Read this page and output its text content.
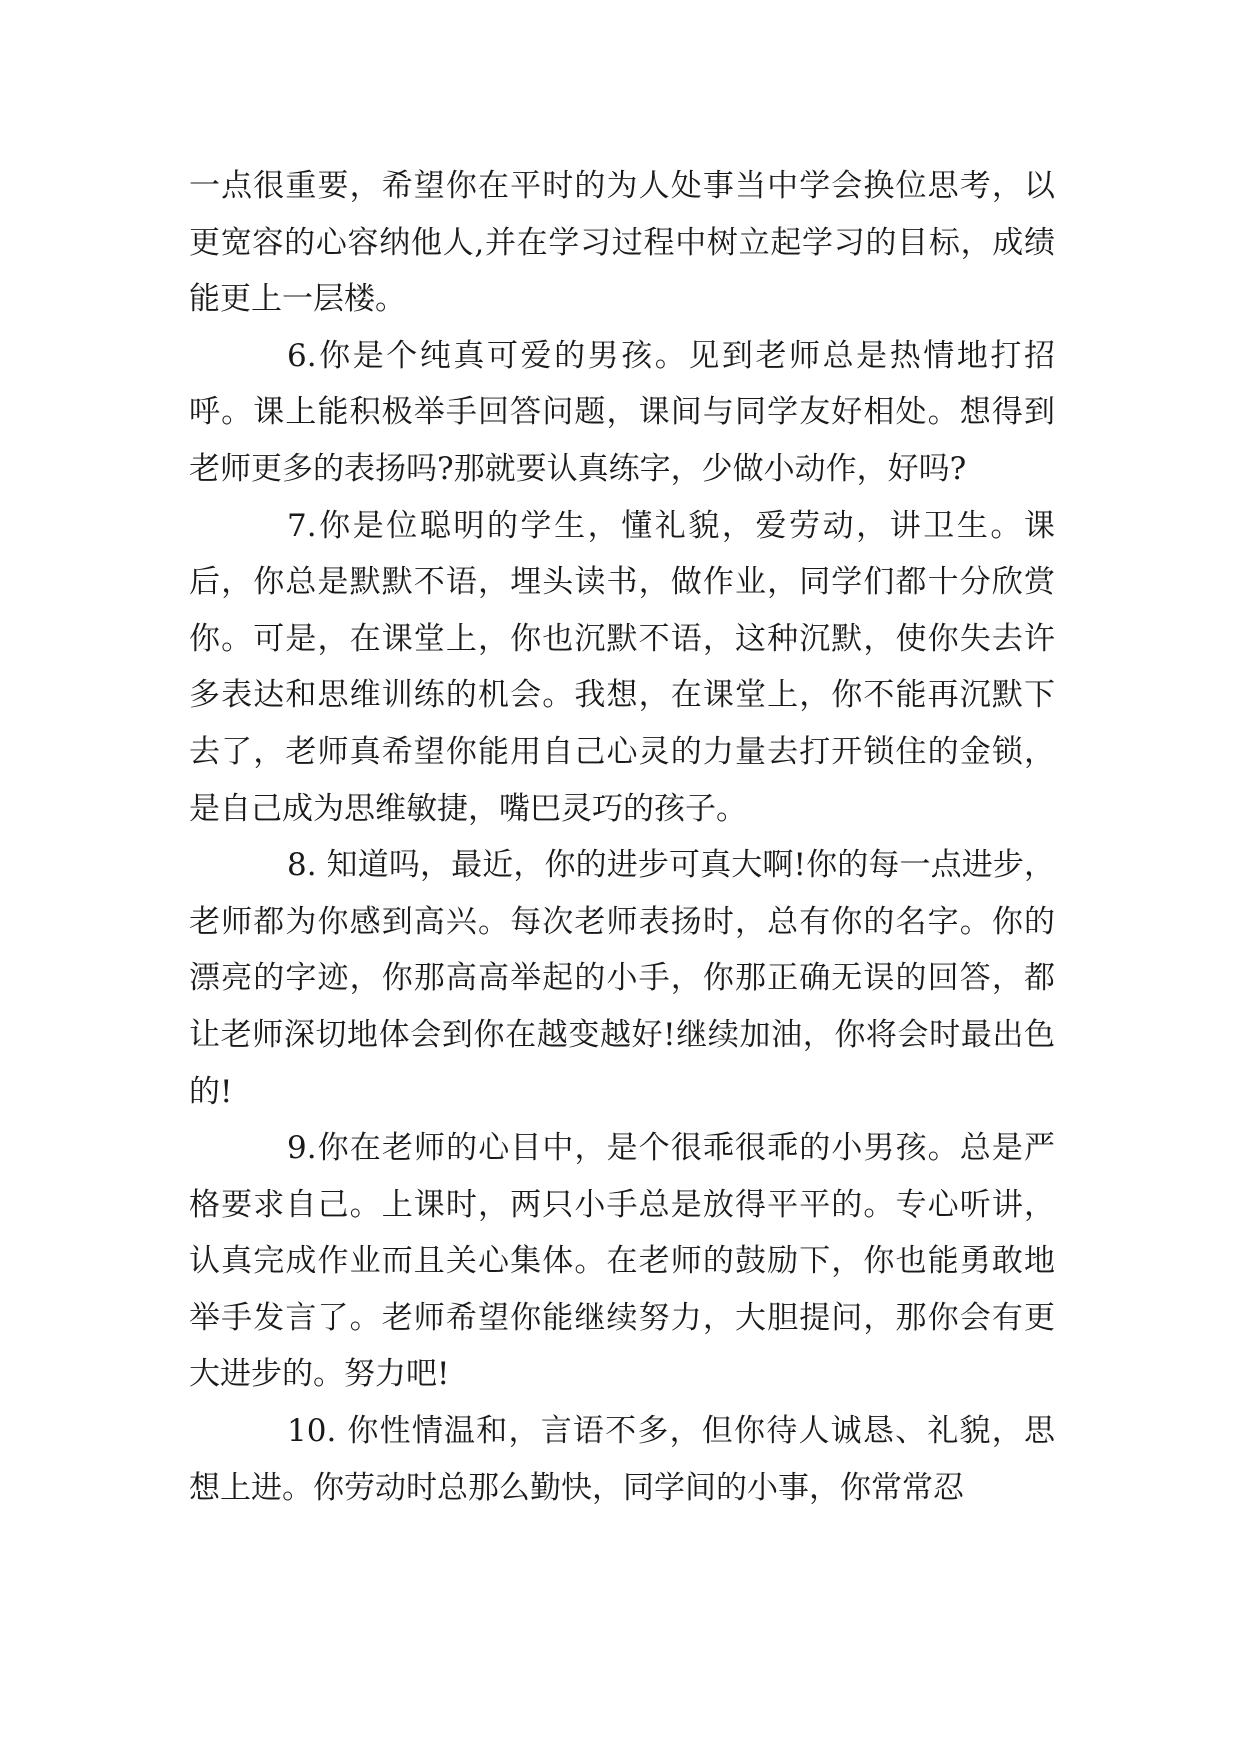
一点很重要，希望你在平时的为人处事当中学会换位思考，以更宽容的心容纳他人,并在学习过程中树立起学习的目标，成绩能更上一层楼。

6.你是个纯真可爱的男孩。见到老师总是热情地打招呼。课上能积极举手回答问题，课间与同学友好相处。想得到老师更多的表扬吗?那就要认真练字，少做小动作，好吗?

7.你是位聪明的学生，懂礼貌，爱劳动，讲卫生。课后，你总是默默不语，埋头读书，做作业，同学们都十分欣赏你。可是，在课堂上，你也沉默不语，这种沉默，使你失去许多表达和思维训练的机会。我想，在课堂上，你不能再沉默下去了，老师真希望你能用自己心灵的力量去打开锁住的金锁，是自己成为思维敏捷，嘴巴灵巧的孩子。

8. 知道吗，最近，你的进步可真大啊!你的每一点进步，老师都为你感到高兴。每次老师表扬时，总有你的名字。你的漂亮的字迹，你那高高举起的小手，你那正确无误的回答，都让老师深切地体会到你在越变越好!继续加油，你将会时最出色的!

9.你在老师的心目中，是个很乖很乖的小男孩。总是严格要求自己。上课时，两只小手总是放得平平的。专心听讲，认真完成作业而且关心集体。在老师的鼓励下，你也能勇敢地举手发言了。老师希望你能继续努力，大胆提问，那你会有更大进步的。努力吧!

10. 你性情温和，言语不多，但你待人诚恳、礼貌，思想上进。你劳动时总那么勤快，同学间的小事，你常常忍
